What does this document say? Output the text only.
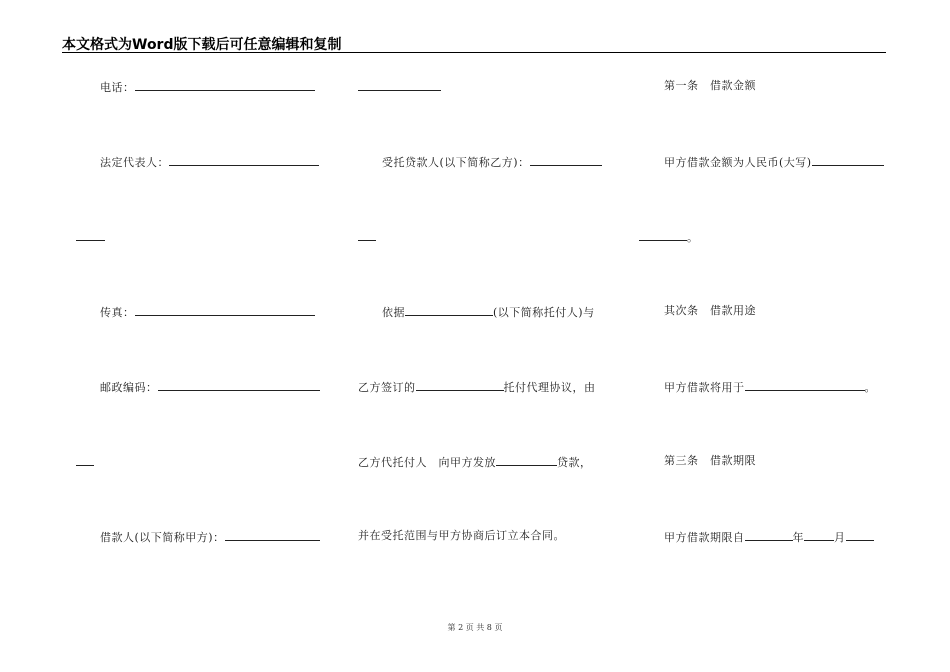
本文格式为Word版下载后可任意编辑和复制
电话：
法定代表人：
传真：
邮政编码：
借款人(以下简称甲方)：
受托贷款人(以下简称乙方)：
依据	(以下简称托付人)与
乙方签订的	托付代理协议，由
乙方代托付人　向甲方发放	贷款，
并在受托范围与甲方协商后订立本合同。
第一条　借款金额
甲方借款金额为人民币(大写)
。
其次条　借款用途
甲方借款将用于	。
第三条　借款期限
甲方借款期限自	年	月
第 2 页 共 8 页
